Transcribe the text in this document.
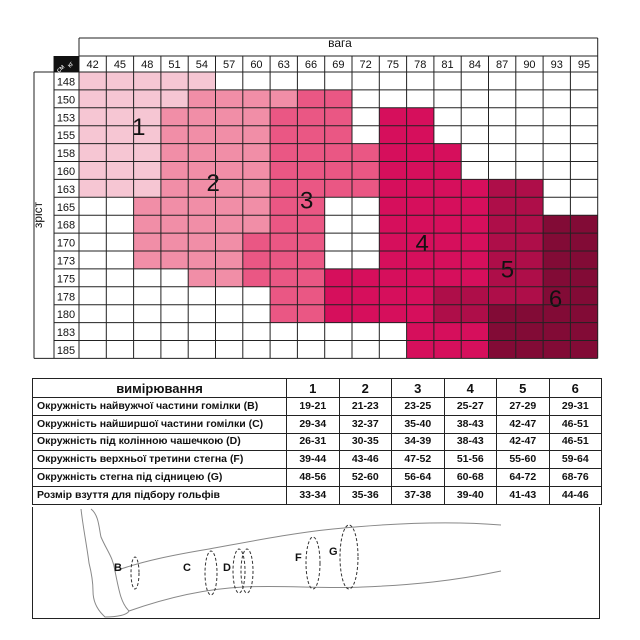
1
2
3
4
5
6
42 45 48 51 54 57 60 63 66 69 72 75 78 81 84 87 90 93 95
148
150
153
155
158
160
163
165
168
170
173
175
178
180
183
185
вага
зріст
кг
см
вимірювання	1	2	3	4	5	6
Окружність найвужчої частини гомілки (B)	19-21	21-23	23-25	25-27	27-29	29-31
Окружність найширшої частини гомілки (С)	29-34	32-37	35-40	38-43	42-47	46-51
Окружність під колінною чашечкою (D)	26-31	30-35	34-39	38-43	42-47	46-51
Окружність верхньої третини стегна (F)	39-44	43-46	47-52	51-56	55-60	59-64
Окружність стегна під сідницею (G)	48-56	52-60	56-64	60-68	64-72	68-76
Розмір взуття для підбору гольфів	33-34	35-36	37-38	39-40	41-43	44-46
B	C	D
F G
